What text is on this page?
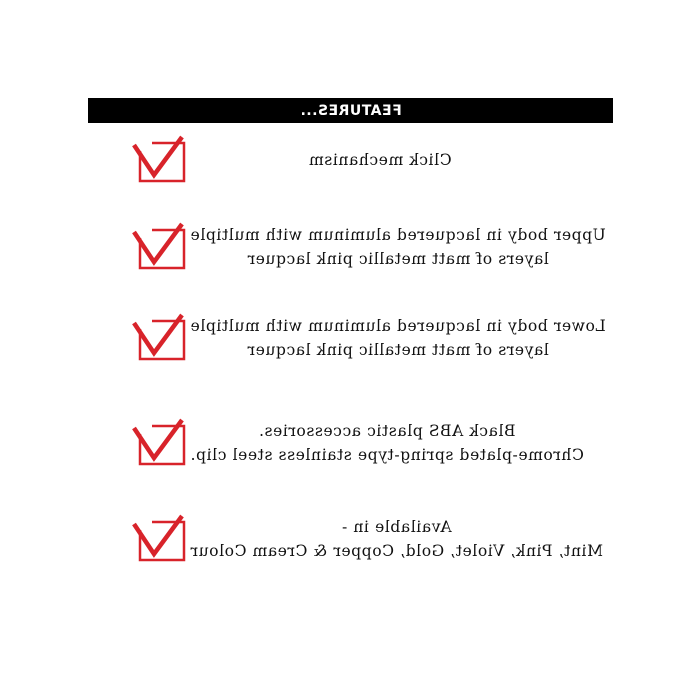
FEATURES...
Click mechanism
Upper body in lacquered aluminum with multiple
layers of matt metallic pink lacquer
Lower body in lacquered aluminum with multiple
layers of matt metallic pink lacquer
Black ABS plastic accessories.
Chrome-plated spring-type stainless steel clip.
Available in -
Mint, Pink, Violet, Gold, Copper & Cream Colour
